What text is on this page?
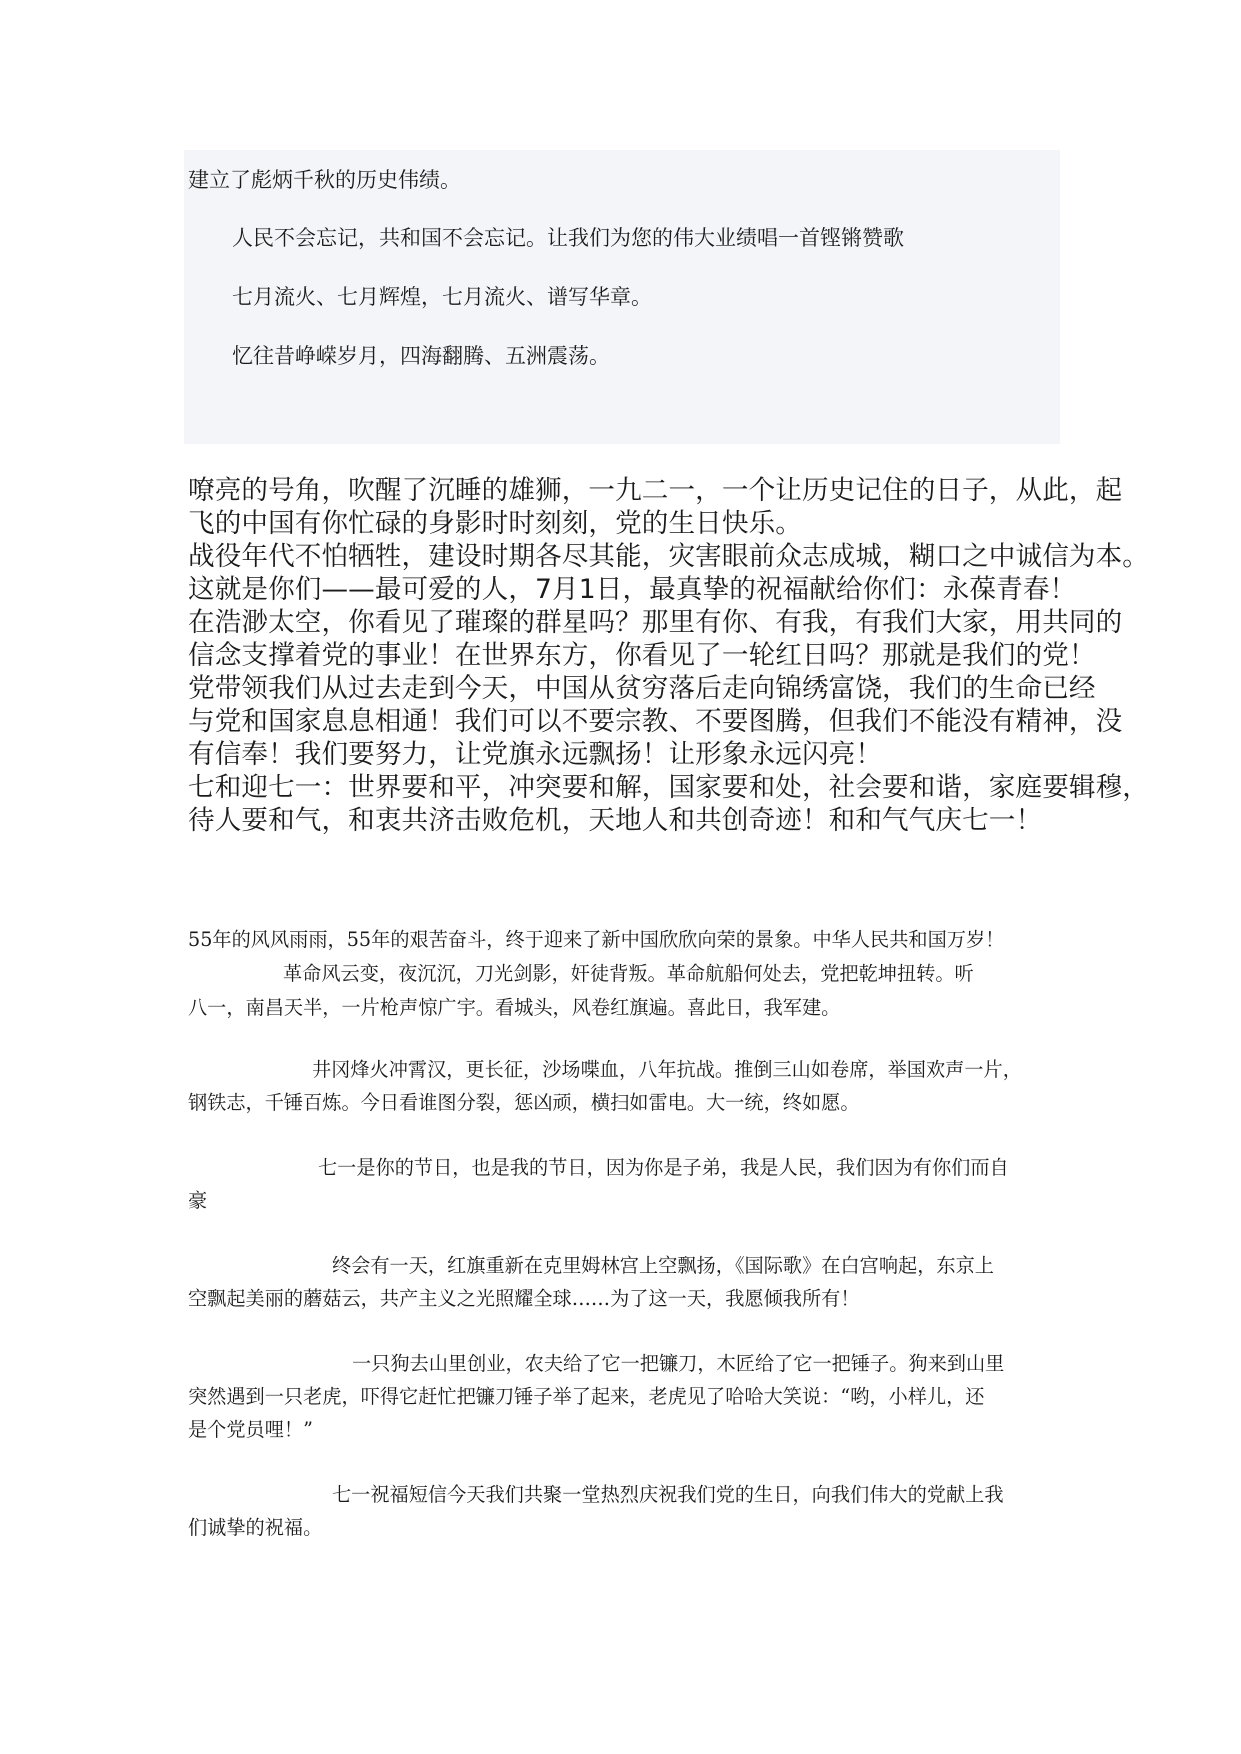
建立了彪炳千秋的历史伟绩。

人民不会忘记，共和国不会忘记。让我们为您的伟大业绩唱一首铿锵赞歌

七月流火、七月辉煌，七月流火、谱写华章。

忆往昔峥嵘岁月，四海翻腾、五洲震荡。

嘹亮的号角，吹醒了沉睡的雄狮，一九二一，一个让历史记住的日子，从此，起

飞的中国有你忙碌的身影时时刻刻，党的生日快乐。

战役年代不怕牺牲，建设时期各尽其能，灾害眼前众志成城，糊口之中诚信为本。

这就是你们——最可爱的人，7月1日，最真挚的祝福献给你们：永葆青春！

在浩渺太空，你看见了璀璨的群星吗？那里有你、有我，有我们大家，用共同的

信念支撑着党的事业！在世界东方，你看见了一轮红日吗？那就是我们的党！

党带领我们从过去走到今天，中国从贫穷落后走向锦绣富饶，我们的生命已经

与党和国家息息相通！我们可以不要宗教、不要图腾，但我们不能没有精神，没

有信奉！我们要努力，让党旗永远飘扬！让形象永远闪亮！

七和迎七一：世界要和平，冲突要和解，国家要和处，社会要和谐，家庭要辑穆，

待人要和气，和衷共济击败危机，天地人和共创奇迹！和和气气庆七一！

55年的风风雨雨，55年的艰苦奋斗，终于迎来了新中国欣欣向荣的景象。中华人民共和国万岁！

革命风云变，夜沉沉，刀光剑影，奸徒背叛。革命航船何处去，党把乾坤扭转。听

八一，南昌天半，一片枪声惊广宇。看城头，风卷红旗遍。喜此日，我军建。

井冈烽火冲霄汉，更长征，沙场喋血，八年抗战。推倒三山如卷席，举国欢声一片，

钢铁志，千锤百炼。今日看谁图分裂，惩凶顽，横扫如雷电。大一统，终如愿。

七一是你的节日，也是我的节日，因为你是子弟，我是人民，我们因为有你们而自

豪

终会有一天，红旗重新在克里姆林宫上空飘扬，《国际歌》在白宫响起，东京上

空飘起美丽的蘑菇云，共产主义之光照耀全球……为了这一天，我愿倾我所有！

一只狗去山里创业，农夫给了它一把镰刀，木匠给了它一把锤子。狗来到山里

突然遇到一只老虎，吓得它赶忙把镰刀锤子举了起来，老虎见了哈哈大笑说：“哟，小样儿，还

是个党员哩！”

七一祝福短信今天我们共聚一堂热烈庆祝我们党的生日，向我们伟大的党献上我

们诚挚的祝福。
